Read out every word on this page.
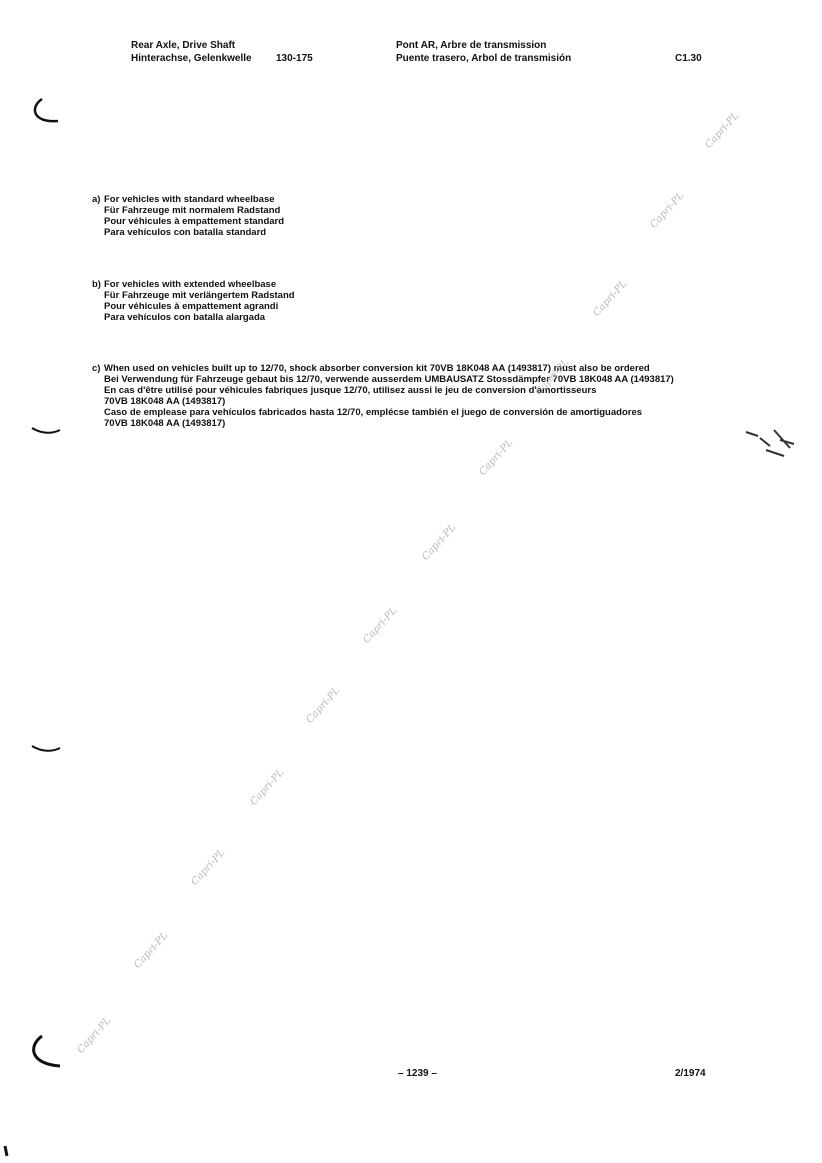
Rear Axle, Drive Shaft
Hinterachse, Gelenkwelle 130-175
Pont AR, Arbre de transmission
Puente trasero, Arbol de transmisión	C1.30
a) For vehicles with standard wheelbase
Für Fahrzeuge mit normalem Radstand
Pour véhicules à empattement standard
Para vehículos con batalla standard
b) For vehicles with extended wheelbase
Für Fahrzeuge mit verlängertem Radstand
Pour véhicules à empattement agrandi
Para vehículos con batalla alargada
c) When used on vehicles built up to 12/70, shock absorber conversion kit 70VB 18K048 AA (1493817) must also be ordered
Bei Verwendung für Fahrzeuge gebaut bis 12/70, verwende ausserdem UMBAUSATZ Stossdämpfer 70VB 18K048 AA (1493817)
En cas d'être utilisé pour véhicules fabriques jusque 12/70, utilisez aussi le jeu de conversion d'amortisseurs
70VB 18K048 AA (1493817)
Caso de emplease para vehículos fabricados hasta 12/70, emplécse también el juego de conversión de amortiguadores
70VB 18K048 AA (1493817)
– 1239 –	2/1974
Capri-PL
Capri-PL
Capri-PL
Capri-PL
Capri-PL
Capri-PL
Capri-PL
Capri-PL
Capri-PL
Capri-PL
Capri-PL
Capri-PL
